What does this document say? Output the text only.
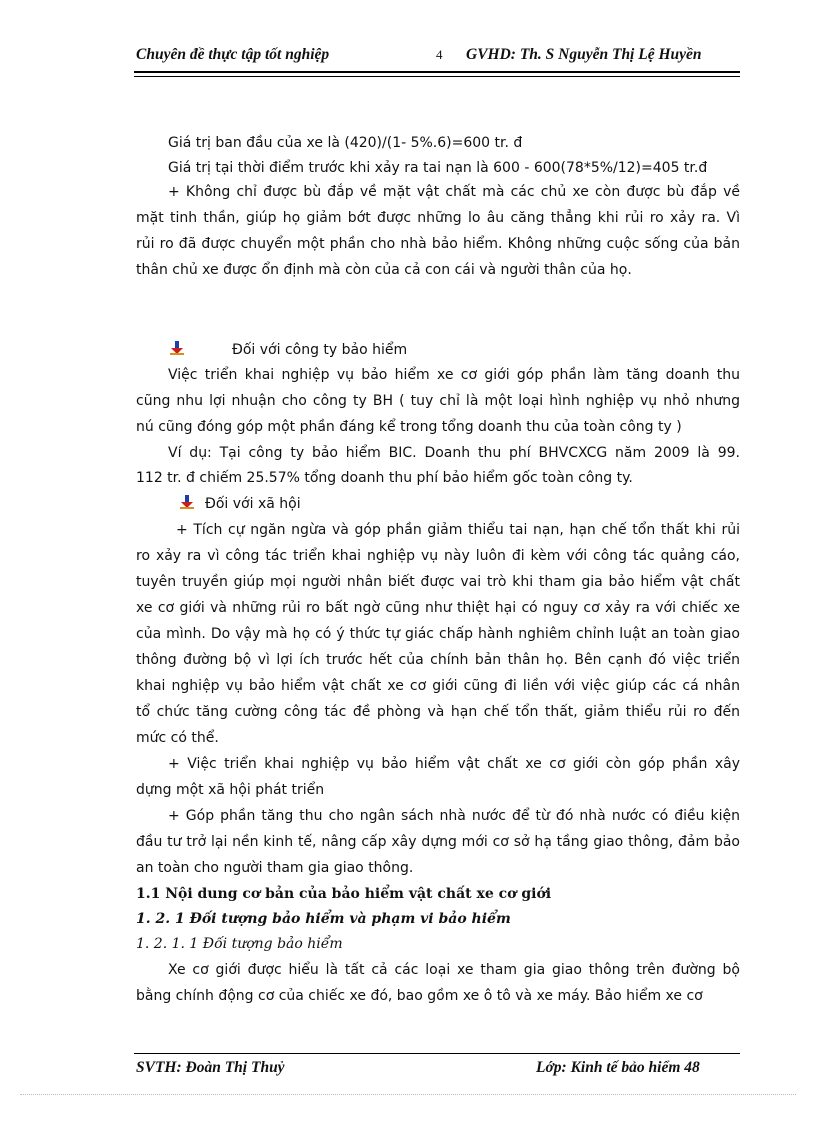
Chuyên đề thực tập tốt nghiệp	4 GVHD: Th. S Nguyễn Thị Lệ Huyền
Giá trị ban đầu của xe là (420)/(1- 5%.6)=600 tr. đ
Giá trị tại thời điểm trước khi xảy ra tai nạn là 600 - 600(78*5%/12)=405 tr.đ
+ Không chỉ được bù đắp về mặt vật chất mà các chủ xe còn được bù đắp về
mặt tinh thần, giúp họ giảm bớt được những lo âu căng thẳng khi rủi ro xảy ra. Vì
rủi ro đã được chuyển một phần cho nhà bảo hiểm. Không những cuộc sống của bản
thân chủ xe được ổn định mà còn của cả con cái và người thân của họ.
Đối với công ty bảo hiểm
Việc triển khai nghiệp vụ bảo hiểm xe cơ giới góp phần làm tăng doanh thu
cũng nhu lợi nhuận cho công ty BH ( tuy chỉ là một loại hình nghiệp vụ nhỏ nhưng
nú cũng đóng góp một phần đáng kể trong tổng doanh thu của toàn công ty )
Ví dụ: Tại công ty bảo hiểm BIC. Doanh thu phí BHVCXCG năm 2009 là 99.
112 tr. đ chiếm 25.57% tổng doanh thu phí bảo hiểm gốc toàn công ty.
Đối với xã hội
+ Tích cự ngăn ngừa và góp phần giảm thiểu tai nạn, hạn chế tổn thất khi rủi
ro xảy ra vì công tác triển khai nghiệp vụ này luôn đi kèm với công tác quảng cáo,
tuyên truyền giúp mọi người nhân biết được vai trò khi tham gia bảo hiểm vật chất
xe cơ giới và những rủi ro bất ngờ cũng như thiệt hại có nguy cơ xảy ra với chiếc xe
của mình. Do vậy mà họ có ý thức tự giác chấp hành nghiêm chỉnh luật an toàn giao
thông đường bộ vì lợi ích trước hết của chính bản thân họ. Bên cạnh đó việc triển
khai nghiệp vụ bảo hiểm vật chất xe cơ giới cũng đi liền với việc giúp các cá nhân
tổ chức tăng cường công tác đề phòng và hạn chế tổn thất, giảm thiểu rủi ro đến
mức có thể.
+ Việc triển khai nghiệp vụ bảo hiểm vật chất xe cơ giới còn góp phần xây
dựng một xã hội phát triển
+ Góp phần tăng thu cho ngân sách nhà nước để từ đó nhà nước có điều kiện
đầu tư trở lại nền kinh tế, nâng cấp xây dựng mới cơ sở hạ tầng giao thông, đảm bảo
an toàn cho người tham gia giao thông.
1.1 Nội dung cơ bản của bảo hiểm vật chất xe cơ giới
1. 2. 1 Đối tượng bảo hiểm và phạm vi bảo hiểm
1. 2. 1. 1 Đối tượng bảo hiểm
Xe cơ giới được hiểu là tất cả các loại xe tham gia giao thông trên đường bộ
bằng chính động cơ của chiếc xe đó, bao gồm xe ô tô và xe máy. Bảo hiểm xe cơ
SVTH: Đoàn Thị Thuỷ	Lớp: Kinh tế bảo hiểm 48
